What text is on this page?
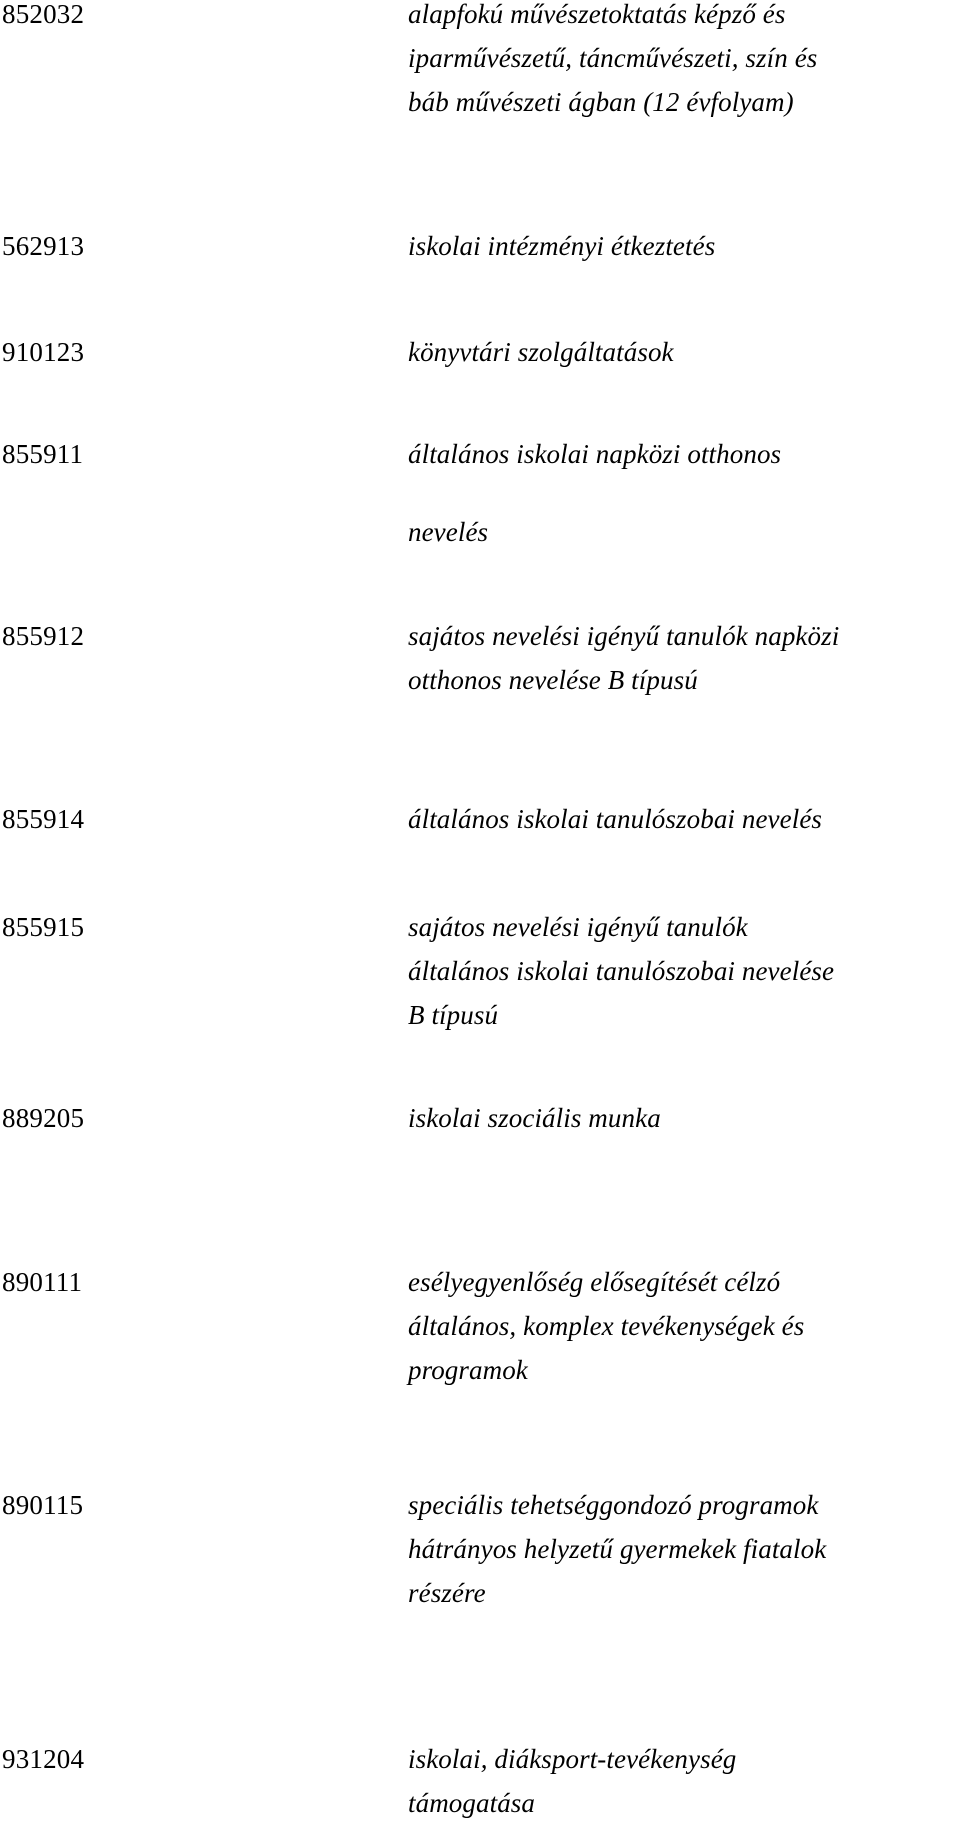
852032	alapfokú művészetoktatás képző és
iparművészetű, táncművészeti, szín és
báb művészeti ágban (12 évfolyam)
562913	iskolai intézményi étkeztetés
910123	könyvtári szolgáltatások
855911	általános iskolai napközi otthonos
nevelés
855912	sajátos nevelési igényű tanulók napközi
otthonos nevelése B típusú
855914	általános iskolai tanulószobai nevelés
855915	sajátos nevelési igényű tanulók
általános iskolai tanulószobai nevelése
B típusú
889205	iskolai szociális munka
890111	esélyegyenlőség elősegítését célzó
általános, komplex tevékenységek és
programok
890115	speciális tehetséggondozó programok
hátrányos helyzetű gyermekek fiatalok
részére
931204	iskolai, diáksport-tevékenység
támogatása
